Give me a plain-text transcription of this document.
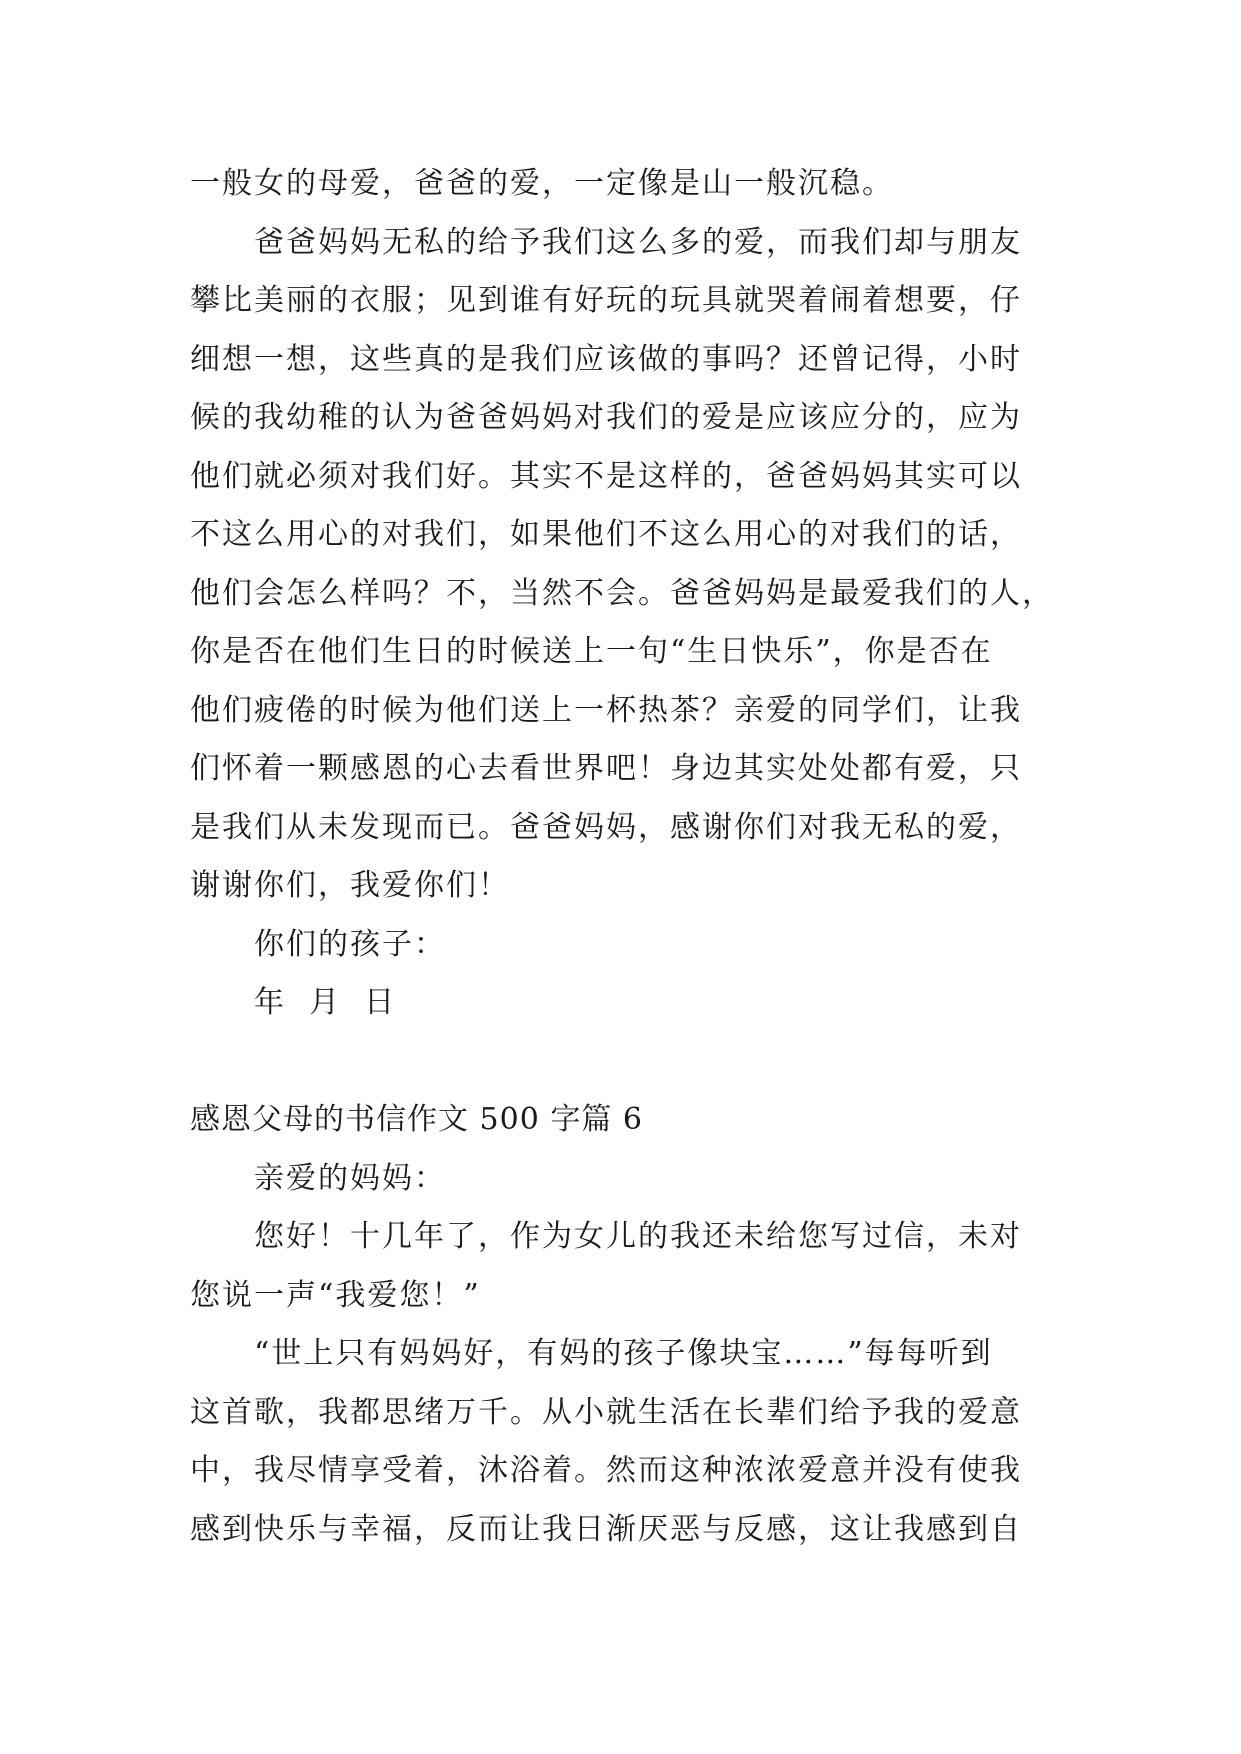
一般女的母爱，爸爸的爱，一定像是山一般沉稳。
爸爸妈妈无私的给予我们这么多的爱，而我们却与朋友
攀比美丽的衣服；见到谁有好玩的玩具就哭着闹着想要，仔
细想一想，这些真的是我们应该做的事吗？还曾记得，小时
候的我幼稚的认为爸爸妈妈对我们的爱是应该应分的，应为
他们就必须对我们好。其实不是这样的，爸爸妈妈其实可以
不这么用心的对我们，如果他们不这么用心的对我们的话，
他们会怎么样吗？不，当然不会。爸爸妈妈是最爱我们的人，
你是否在他们生日的时候送上一句“生日快乐”，你是否在
他们疲倦的时候为他们送上一杯热茶？亲爱的同学们，让我
们怀着一颗感恩的心去看世界吧！身边其实处处都有爱，只
是我们从未发现而已。爸爸妈妈，感谢你们对我无私的爱，
谢谢你们，我爱你们！
你们的孩子：
年  月  日
感恩父母的书信作文 500 字篇 6
亲爱的妈妈：
您好！十几年了，作为女儿的我还未给您写过信，未对
您说一声“我爱您！”
“世上只有妈妈好，有妈的孩子像块宝……”每每听到
这首歌，我都思绪万千。从小就生活在长辈们给予我的爱意
中，我尽情享受着，沐浴着。然而这种浓浓爱意并没有使我
感到快乐与幸福，反而让我日渐厌恶与反感，这让我感到自
